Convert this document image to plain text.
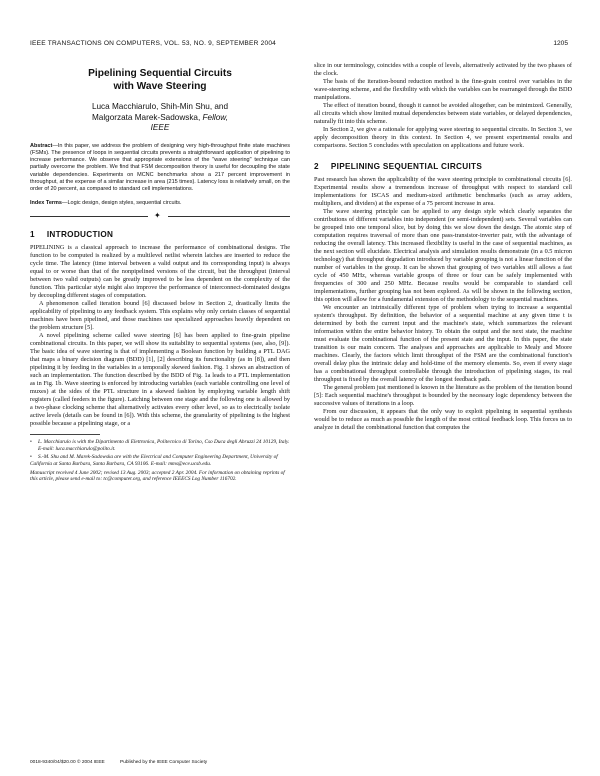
IEEE TRANSACTIONS ON COMPUTERS, VOL. 53, NO. 9, SEPTEMBER 2004	1205
Pipelining Sequential Circuits
with Wave Steering
Luca Macchiarulo, Shih-Min Shu, and
Malgorzata Marek-Sadowska, Fellow,
IEEE
Abstract—In this paper, we address the problem of designing very high-throughput finite state machines (FSMs). The presence of loops in sequential circuits prevents a straightforward application of pipelining to increase performance. We observe that appropriate extensions of the "wave steering" technique can partially overcome the problem. We find that FSM decomposition theory is useful for decoupling the state variable dependencies. Experiments on MCNC benchmarks show a 217 percent improvement in throughput, at the expense of a similar increase in area (215 times). Latency loss is relatively small, on the order of 20 percent, as compared to standard cell implementations.
Index Terms—Logic design, design styles, sequential circuits.
✦
1 INTRODUCTION

PIPELINING is a classical approach to increase the performance of combinational designs. The function to be computed is realized by a multilevel netlist wherein latches are inserted to reduce the cycle time. The latency (time interval between a valid output and its corresponding input) is always equal to or worse than that of the nonpipelined versions of the circuit, but the throughput (interval between two valid outputs) can be greatly improved to be less dependent on the complexity of the function. This particular style might also improve the performance of interconnect-dominated designs by decoupling different stages of computation.

A phenomenon called iteration bound [6] discussed below in Section 2, drastically limits the applicability of pipelining to any feedback system. This explains why only certain classes of sequential machines have been pipelined, and those machines use specialized approaches heavily dependent on the problem structure [5].

A novel pipelining scheme called wave steering [6] has been applied to fine-grain pipeline combinational circuits. In this paper, we will show its suitability to sequential systems (see, also, [9]). The basic idea of wave steering is that of implementing a Boolean function by building a PTL DAG that maps a binary decision diagram (BDD) [1], [2] describing its functionality (as in [8]), and then pipelining it by feeding in the variables in a temporally skewed fashion. Fig. 1 shows an abstraction of such an implementation. The function described by the BDD of Fig. 1a leads to a PTL implementation as in Fig. 1b. Wave steering is enforced by introducing variables (each variable controlling one level of muxes) at the sides of the PTL structure in a skewed fashion by employing variable length shift registers (called feeders in the figure). Latching between one stage and the following one is allowed by a two-phase clocking scheme that alternatively activates every other level, so as to electrically isolate active levels (details can be found in [6]). With this scheme, the granularity of pipelining is the highest possible because a pipelining stage, or a

• L. Macchiarulo is with the Dipartimento di Elettronica, Politecnico di Torino, Cso Duca degli Abruzzi 24 10129, Italy.
E-mail: luca.macchiarulo@polito.it.

• S.-M. Shu and M. Marek-Sadowska are with the Electrical and Computer Engineering Department, University of California at Santa Barbara, Santa Barbara, CA 93106. E-mail: mms@ece.ucsb.edu.

Manuscript received 4 June 2002; revised 13 Aug. 2003; accepted 2 Apr. 2004. For information on obtaining reprints of this article, please send e-mail to: tc@computer.org, and reference IEEECS Log Number 116702.

slice in our terminology, coincides with a couple of levels, alternatively activated by the two phases of the clock.

The basis of the iteration-bound reduction method is the fine-grain control over variables in the wave-steering scheme, and the flexibility with which the variables can be rearranged through the BDD manipulations.

The effect of iteration bound, though it cannot be avoided altogether, can be minimized. Generally, all circuits which show limited mutual dependencies between state variables, or delayed dependencies, naturally fit into this scheme.

In Section 2, we give a rationale for applying wave steering to sequential circuits. In Section 3, we apply decomposition theory in this context. In Section 4, we present experimental results and comparisons. Section 5 concludes with speculation on applications and future work.

2 PIPELINING SEQUENTIAL CIRCUITS

Past research has shown the applicability of the wave steering principle to combinational circuits [6]. Experimental results show a tremendous increase of throughput with respect to standard cell implementations for ISCAS and medium-sized arithmetic benchmarks (such as array adders, multipliers, and dividers) at the expense of a 75 percent increase in area.

The wave steering principle can be applied to any design style which clearly separates the contributions of different variables into independent (or semi-independent) sets. Several variables can be grouped into one temporal slice, but by doing this we slow down the design. The atomic step of computation requires traversal of more than one pass-transistor-inverter pair, with the advantage of reducing the overall latency. This increased flexibility is useful in the case of sequential machines, as the next section will elucidate. Electrical analysis and simulation results demonstrate (in a 0.5 micron technology) that throughput degradation introduced by variable grouping is not a linear function of the number of variables in the group. It can be shown that grouping of two variables still allows a fast cycle of 450 MHz, whereas variable groups of three or four can be safely implemented with frequencies of 300 and 250 MHz. Because results would be comparable to standard cell implementations, further grouping has not been explored. As will be shown in the following section, this option will allow for a fundamental extension of the methodology to the sequential machines.

We encounter an intrinsically different type of problem when trying to increase a sequential system's throughput. By definition, the behavior of a sequential machine at any given time t is determined by both the current input and the machine's state, which summarizes the relevant information within the entire behavior history. To obtain the output and the next state, the machine must evaluate the combinational function of the present state and the input. In this paper, the state transition is our main concern. The analyses and approaches are applicable to Mealy and Moore machines. Clearly, the factors which limit throughput of the FSM are the combinational function's overall delay plus the intrinsic delay and hold-time of the memory elements. So, even if every stage has a combinational throughput controllable through the introduction of pipelining stages, its real throughput is fixed by the overall latency of the longest feedback path.

The general problem just mentioned is known in the literature as the problem of the iteration bound [5]: Each sequential machine's throughput is bounded by the necessary logic dependency between the successive values of iterations in a loop.

From our discussion, it appears that the only way to exploit pipelining in sequential synthesis would be to reduce as much as possible the length of the most critical feedback loop. This forces us to analyze in detail the combinational function that computes the

0018-9340/04/$20.00 © 2004 IEEE	Published by the IEEE Computer Society
